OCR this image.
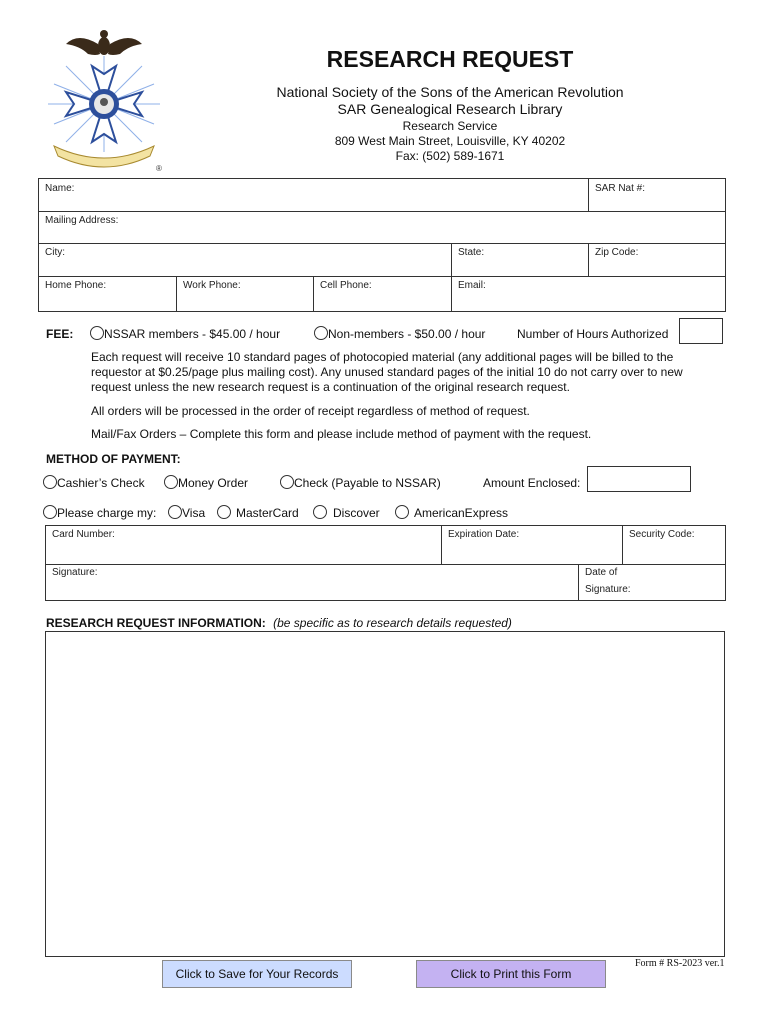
®
RESEARCH REQUEST
National Society of the Sons of the American Revolution
SAR Genealogical Research Library
Research Service
809 West Main Street, Louisville, KY 40202
Fax: (502) 589-1671
Name:	SAR Nat #:
Mailing Address:
City:	State:	Zip Code:
Home Phone:	Work Phone:	Cell Phone:	Email:
FEE:	NSSAR members - $45.00 / hour	Non-members - $50.00 / hour	Number of Hours Authorized
Each request will receive 10 standard pages of photocopied material (any additional pages will be billed to the
requestor at $0.25/page plus mailing cost). Any unused standard pages of the initial 10 do not carry over to new
request unless the new research request is a continuation of the original research request.
All orders will be processed in the order of receipt regardless of method of request.
Mail/Fax Orders – Complete this form and please include method of payment with the request.
METHOD OF PAYMENT:
Cashier’s Check	Money Order	Check (Payable to NSSAR)	Amount Enclosed:
Please charge my:	Visa	MasterCard	Discover	AmericanExpress
Card Number:	Expiration Date:	Security Code:
Signature:	Date of
Signature:
RESEARCH REQUEST INFORMATION: (be specific as to research details requested)
Click to Save for Your Records	Click to Print this Form
Form # RS-2023 ver.1
